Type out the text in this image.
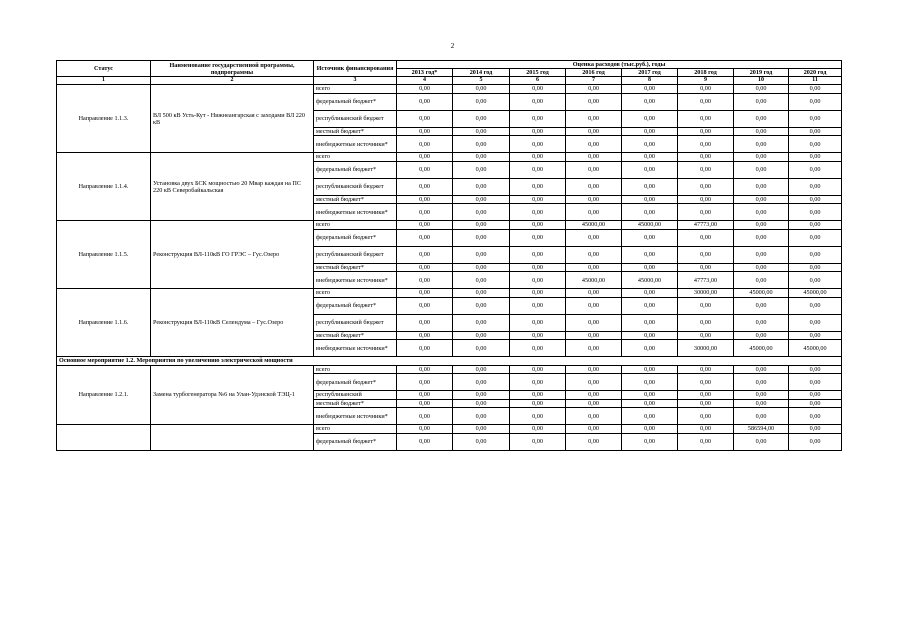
2
Статус	Наименование государственной программы, подпрограммы	Источник финансирования	Оценка расходов (тыс.руб.), годы							
			2013 год*	2014 год	2015 год	2016 год	2017 год	2018 год	2019 год	2020 год
1	2	3	4	5	6	7	8	9	10	11
Направление 1.1.3.	ВЛ 500 кВ Усть-Кут - Нижнеангарская с заходами ВЛ 220 кВ	всего	0,00	0,00	0,00	0,00	0,00	0,00	0,00	0,00
		федеральный бюджет*	0,00	0,00	0,00	0,00	0,00	0,00	0,00	0,00
		республиканский бюджет	0,00	0,00	0,00	0,00	0,00	0,00	0,00	0,00
		местный бюджет*	0,00	0,00	0,00	0,00	0,00	0,00	0,00	0,00
		внебюджетные источники*	0,00	0,00	0,00	0,00	0,00	0,00	0,00	0,00
Направление 1.1.4.	Установка двух БСК мощностью 20 Мвар каждая на ПС 220 кВ Северобайкальская	всего	0,00	0,00	0,00	0,00	0,00	0,00	0,00	0,00
		федеральный бюджет*	0,00	0,00	0,00	0,00	0,00	0,00	0,00	0,00
		республиканский бюджет	0,00	0,00	0,00	0,00	0,00	0,00	0,00	0,00
		местный бюджет*	0,00	0,00	0,00	0,00	0,00	0,00	0,00	0,00
		внебюджетные источники*	0,00	0,00	0,00	0,00	0,00	0,00	0,00	0,00
Направление 1.1.5.	Реконструкция ВЛ-110кВ ГО ГРЭС – Гус.Озеро	всего	0,00	0,00	0,00	45000,00	45000,00	47773,00	0,00	0,00
		федеральный бюджет*	0,00	0,00	0,00	0,00	0,00	0,00	0,00	0,00
		республиканский бюджет	0,00	0,00	0,00	0,00	0,00	0,00	0,00	0,00
		местный бюджет*	0,00	0,00	0,00	0,00	0,00	0,00	0,00	0,00
		внебюджетные источники*	0,00	0,00	0,00	45000,00	45000,00	47773,00	0,00	0,00
Направление 1.1.6.	Реконструкция ВЛ-110кВ Селендума – Гус.Озеро	всего	0,00	0,00	0,00	0,00	0,00	30000,00	45000,00	45000,00
		федеральный бюджет*	0,00	0,00	0,00	0,00	0,00	0,00	0,00	0,00
		республиканский бюджет	0,00	0,00	0,00	0,00	0,00	0,00	0,00	0,00
		местный бюджет*	0,00	0,00	0,00	0,00	0,00	0,00	0,00	0,00
		внебюджетные источники*	0,00	0,00	0,00	0,00	0,00	30000,00	45000,00	45000,00
Основное мероприятие 1.2. Мероприятия по увеличению электрической мощности										
Направление 1.2.1.	Замена турбогенератора №6 на Улан-Удэнской ТЭЦ-1	всего	0,00	0,00	0,00	0,00	0,00	0,00	0,00	0,00
		федеральный бюджет*	0,00	0,00	0,00	0,00	0,00	0,00	0,00	0,00
		республиканский	0,00	0,00	0,00	0,00	0,00	0,00	0,00	0,00
		местный бюджет*	0,00	0,00	0,00	0,00	0,00	0,00	0,00	0,00
		внебюджетные источники*	0,00	0,00	0,00	0,00	0,00	0,00	0,00	0,00
		всего	0,00	0,00	0,00	0,00	0,00	0,00	586594,00	0,00
		федеральный бюджет*	0,00	0,00	0,00	0,00	0,00	0,00	0,00	0,00
